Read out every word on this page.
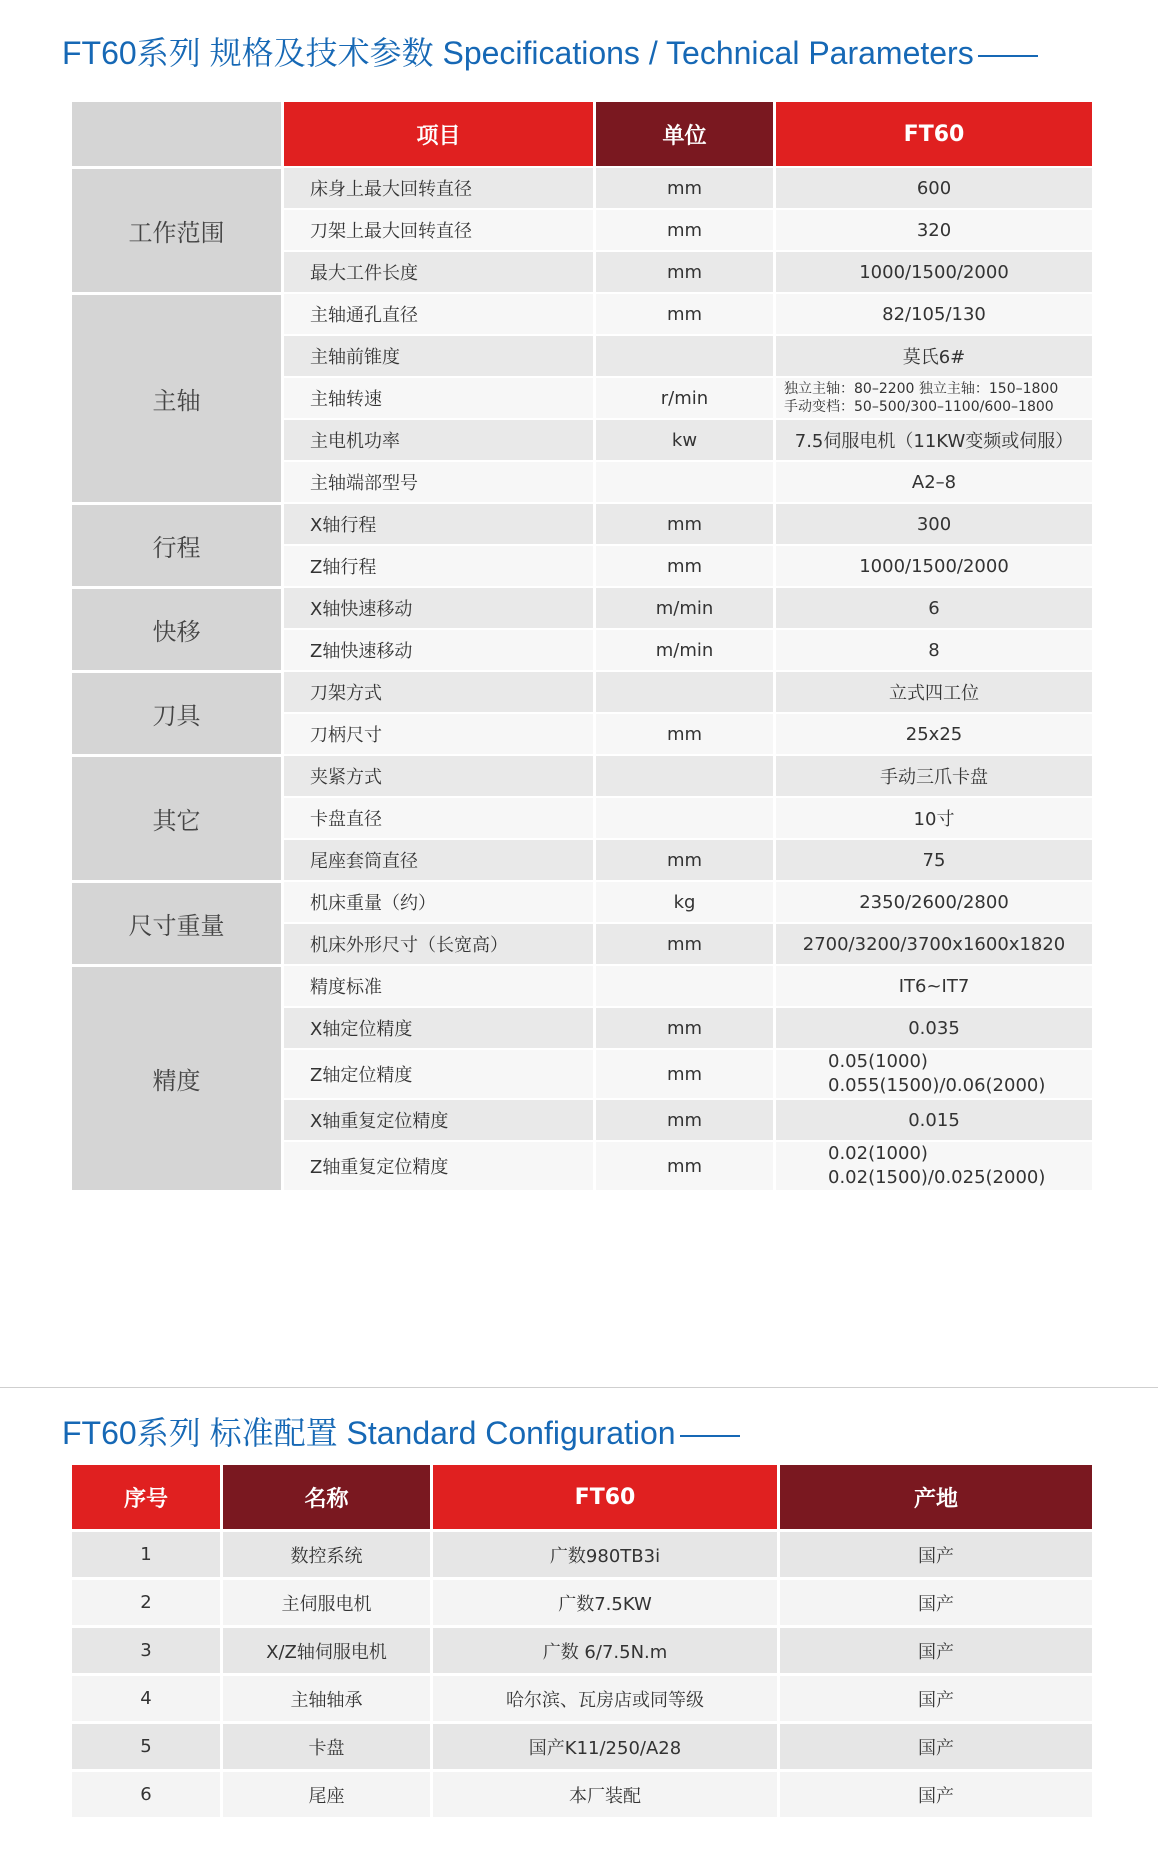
FT60系列 规格及技术参数 Specifications / Technical Parameters
	项目	单位	FT60
工作范围	床身上最大回转直径	mm	600
	刀架上最大回转直径	mm	320
	最大工件长度	mm	1000/1500/2000
主轴	主轴通孔直径	mm	82/105/130
	主轴前锥度		莫氏6#
	主轴转速	r/min	独立主轴：80–2200 独立主轴：150–1800
手动变档：50–500/300–1100/600–1800

	主电机功率	kw	7.5伺服电机（11KW变频或伺服）
	主轴端部型号		A2–8
行程	X轴行程	mm	300
	Z轴行程	mm	1000/1500/2000
快移	X轴快速移动	m/min	6
	Z轴快速移动	m/min	8
刀具	刀架方式		立式四工位
	刀柄尺寸	mm	25x25
其它	夹紧方式		手动三爪卡盘
	卡盘直径		10寸
	尾座套筒直径	mm	75
尺寸重量	机床重量（约）	kg	2350/2600/2800
	机床外形尺寸（长宽高）	mm	2700/3200/3700x1600x1820
精度	精度标准		IT6~IT7
	X轴定位精度	mm	0.035
	Z轴定位精度	mm	0.05(1000)
0.055(1500)/0.06(2000)

	X轴重复定位精度	mm	0.015
	Z轴重复定位精度	mm	0.02(1000)
0.02(1500)/0.025(2000)
FT60系列 标准配置 Standard Configuration
序号	名称	FT60	产地
1	数控系统	广数980TB3i	国产
2	主伺服电机	广数7.5KW	国产
3	X/Z轴伺服电机	广数 6/7.5N.m	国产
4	主轴轴承	哈尔滨、瓦房店或同等级	国产
5	卡盘	国产K11/250/A28	国产
6	尾座	本厂装配	国产
